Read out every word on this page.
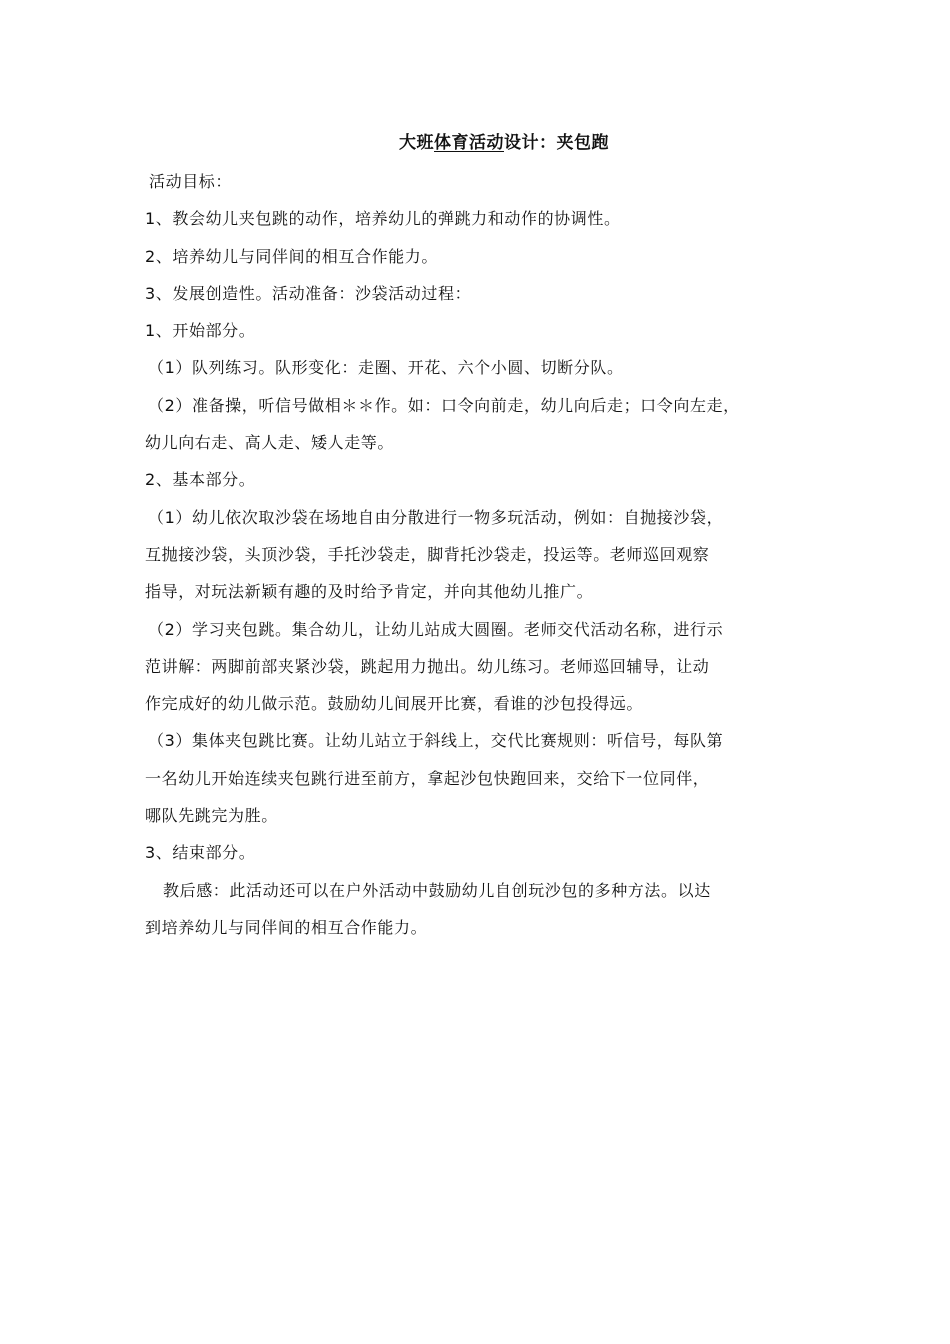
大班体育活动设计：夹包跑
活动目标：
1、教会幼儿夹包跳的动作，培养幼儿的弹跳力和动作的协调性。
2、培养幼儿与同伴间的相互合作能力。
3、发展创造性。活动准备：沙袋活动过程：
1、开始部分。
（1）队列练习。队形变化：走圈、开花、六个小圆、切断分队。
（2）准备操，听信号做相＊＊作。如：口令向前走，幼儿向后走；口令向左走，
幼儿向右走、高人走、矮人走等。
2、基本部分。
（1）幼儿依次取沙袋在场地自由分散进行一物多玩活动，例如：自抛接沙袋，
互抛接沙袋，头顶沙袋，手托沙袋走，脚背托沙袋走，投运等。老师巡回观察
指导，对玩法新颖有趣的及时给予肯定，并向其他幼儿推广。
（2）学习夹包跳。集合幼儿，让幼儿站成大圆圈。老师交代活动名称，进行示
范讲解：两脚前部夹紧沙袋，跳起用力抛出。幼儿练习。老师巡回辅导，让动
作完成好的幼儿做示范。鼓励幼儿间展开比赛，看谁的沙包投得远。
（3）集体夹包跳比赛。让幼儿站立于斜线上，交代比赛规则：听信号，每队第
一名幼儿开始连续夹包跳行进至前方，拿起沙包快跑回来，交给下一位同伴，
哪队先跳完为胜。
3、结束部分。
教后感：此活动还可以在户外活动中鼓励幼儿自创玩沙包的多种方法。以达
到培养幼儿与同伴间的相互合作能力。
